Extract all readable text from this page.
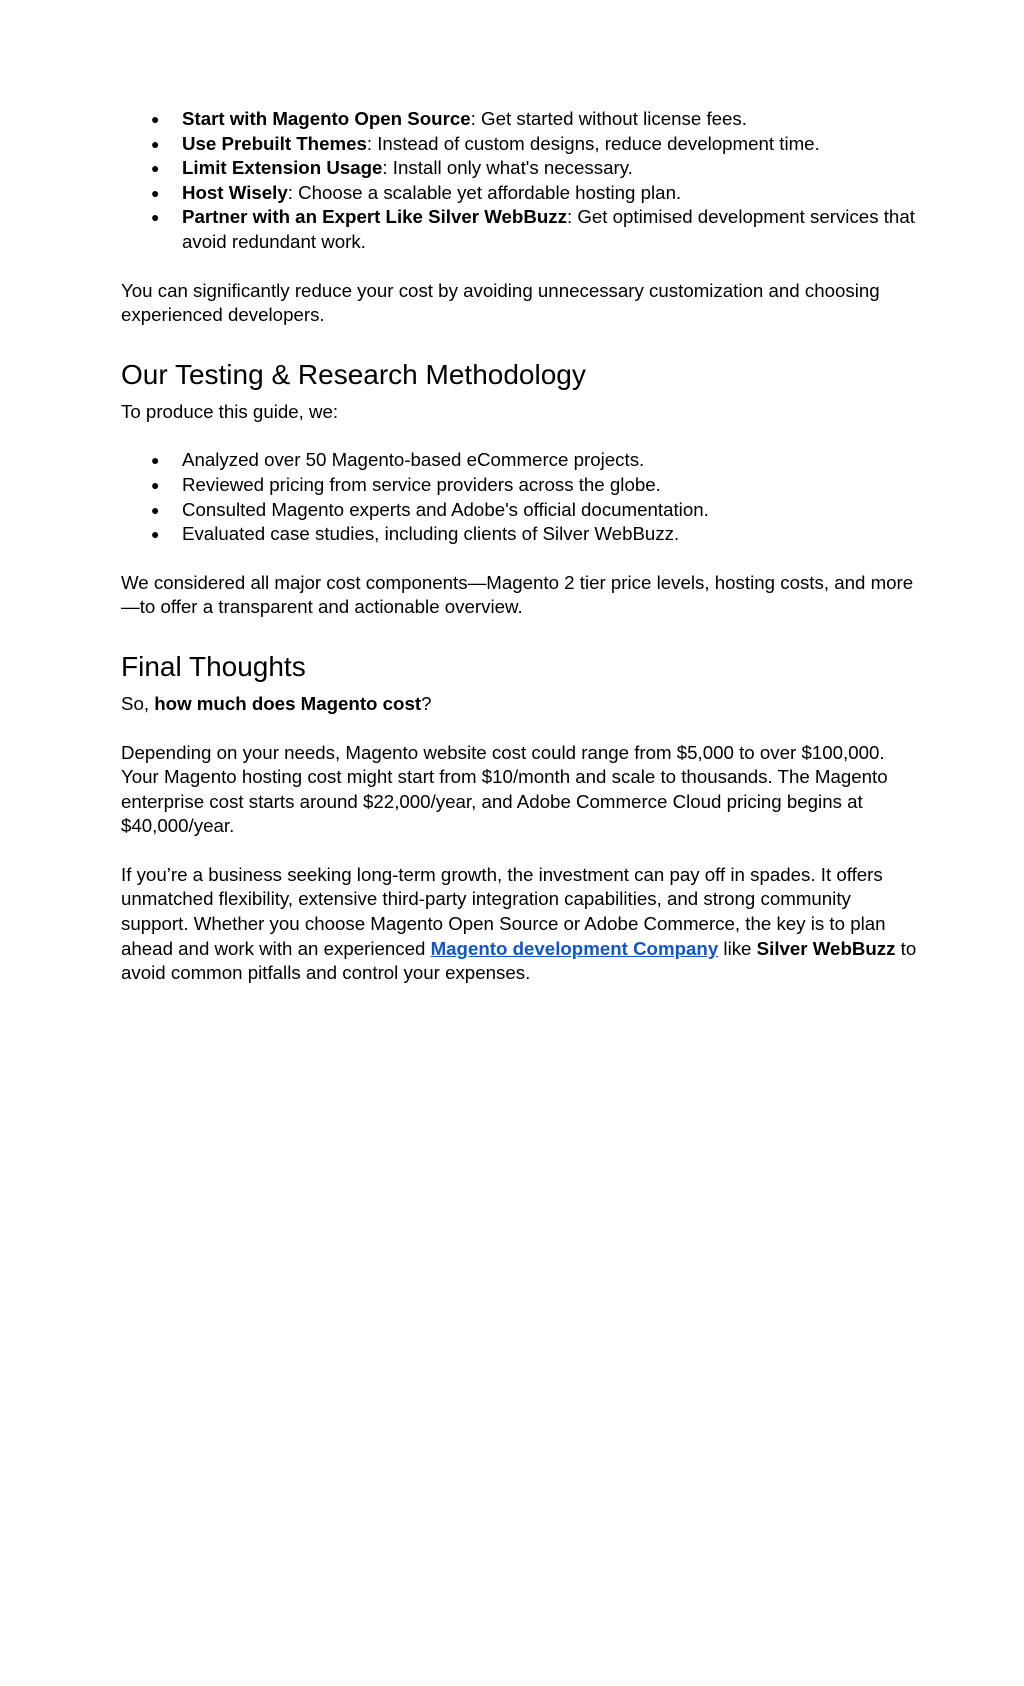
● Start with Magento Open Source: Get started without license fees.
● Use Prebuilt Themes: Instead of custom designs, reduce development time.
● Limit Extension Usage: Install only what's necessary.
● Host Wisely: Choose a scalable yet affordable hosting plan.
● Partner with an Expert Like Silver WebBuzz: Get optimised development services that avoid redundant work.

You can significantly reduce your cost by avoiding unnecessary customization and choosing experienced developers.

Our Testing & Research Methodology

To produce this guide, we:

● Analyzed over 50 Magento-based eCommerce projects.
● Reviewed pricing from service providers across the globe.
● Consulted Magento experts and Adobe's official documentation.
● Evaluated case studies, including clients of Silver WebBuzz.

We considered all major cost components—Magento 2 tier price levels, hosting costs, and more—to offer a transparent and actionable overview.

Final Thoughts

So, how much does Magento cost?

Depending on your needs, Magento website cost could range from $5,000 to over $100,000. Your Magento hosting cost might start from $10/month and scale to thousands. The Magento enterprise cost starts around $22,000/year, and Adobe Commerce Cloud pricing begins at $40,000/year.

If you’re a business seeking long-term growth, the investment can pay off in spades. It offers unmatched flexibility, extensive third-party integration capabilities, and strong community support. Whether you choose Magento Open Source or Adobe Commerce, the key is to plan ahead and work with an experienced Magento development Company like Silver WebBuzz to avoid common pitfalls and control your expenses.
